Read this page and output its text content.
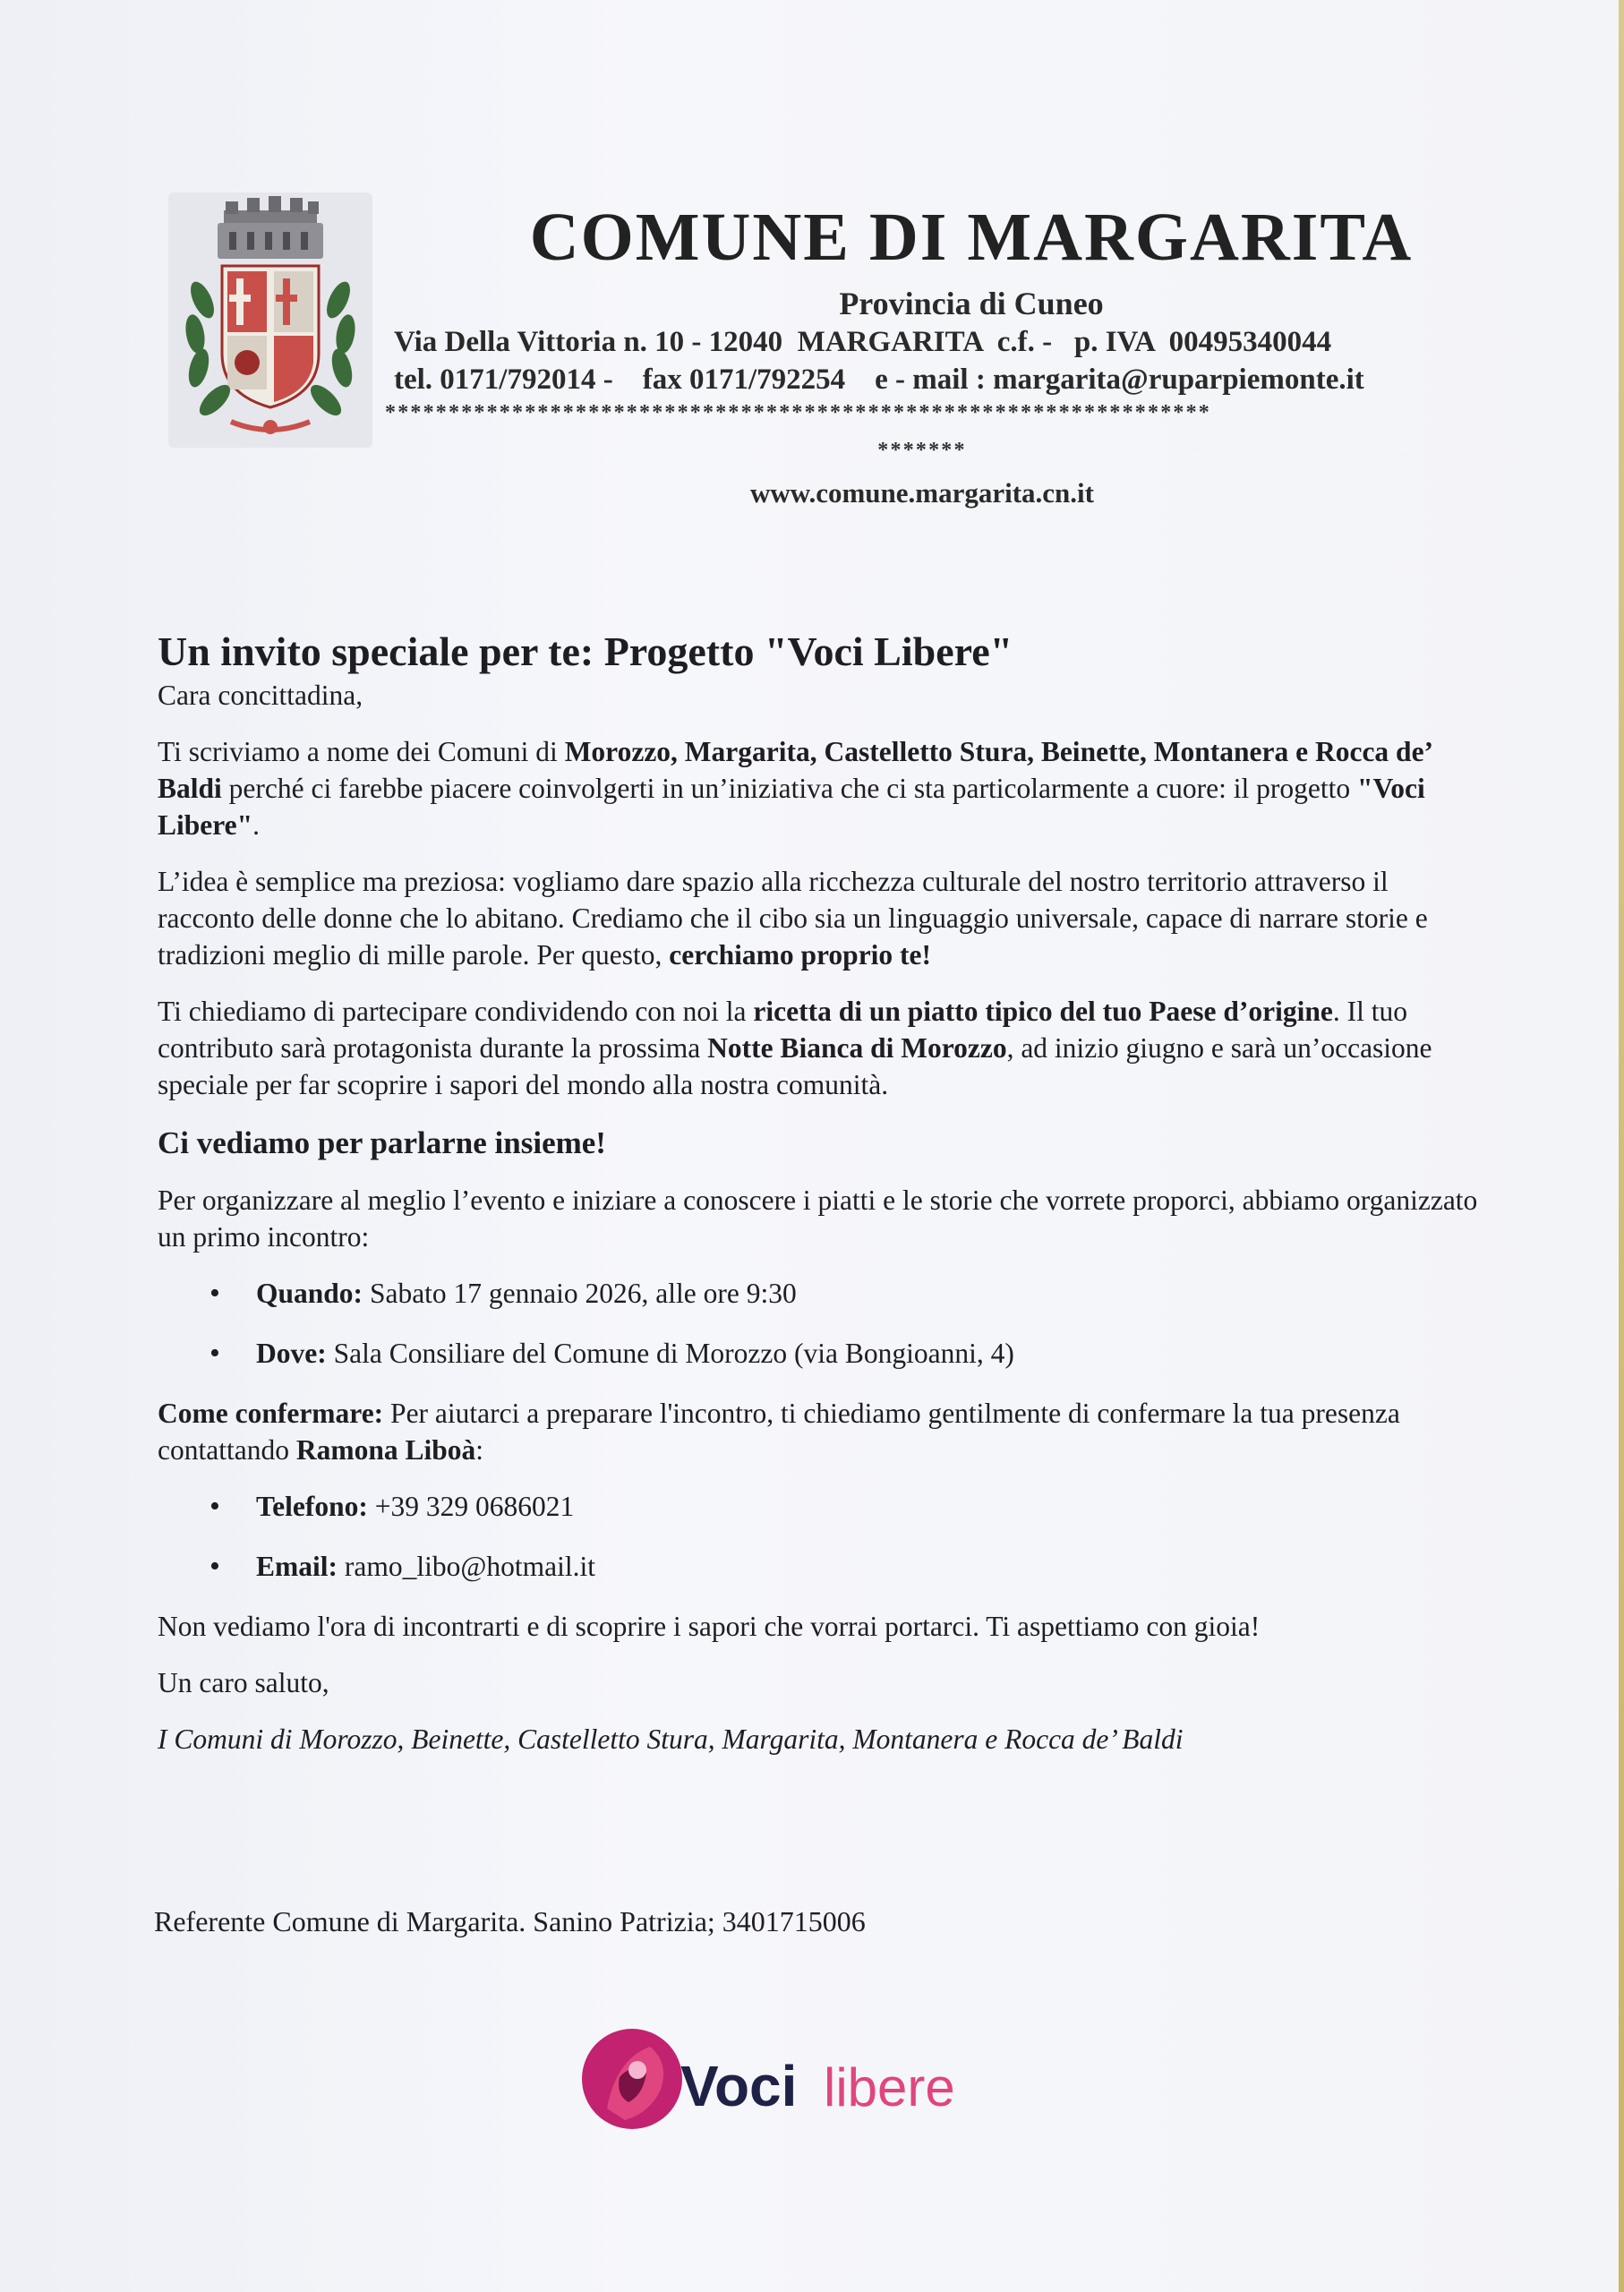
COMUNE DI MARGARITA
Provincia di Cuneo
Via Della Vittoria n. 10 - 12040  MARGARITA  c.f. -   p. IVA  00495340044
tel. 0171/792014 -    fax 0171/792254    e - mail : margarita@ruparpiemonte.it
*****************************************************************
*******
www.comune.margarita.cn.it

Un invito speciale per te: Progetto "Voci Libere"

Cara concittadina,

Ti scriviamo a nome dei Comuni di Morozzo, Margarita, Castelletto Stura, Beinette, Montanera e Rocca de’ Baldi perché ci farebbe piacere coinvolgerti in un’iniziativa che ci sta particolarmente a cuore: il progetto "Voci Libere".

L’idea è semplice ma preziosa: vogliamo dare spazio alla ricchezza culturale del nostro territorio attraverso il racconto delle donne che lo abitano. Crediamo che il cibo sia un linguaggio universale, capace di narrare storie e tradizioni meglio di mille parole. Per questo, cerchiamo proprio te!

Ti chiediamo di partecipare condividendo con noi la ricetta di un piatto tipico del tuo Paese d’origine. Il tuo contributo sarà protagonista durante la prossima Notte Bianca di Morozzo, ad inizio giugno e sarà un’occasione speciale per far scoprire i sapori del mondo alla nostra comunità.

Ci vediamo per parlarne insieme!

Per organizzare al meglio l’evento e iniziare a conoscere i piatti e le storie che vorrete proporci, abbiamo organizzato un primo incontro:

• Quando: Sabato 17 gennaio 2026, alle ore 9:30
• Dove: Sala Consiliare del Comune di Morozzo (via Bongioanni, 4)

Come confermare: Per aiutarci a preparare l'incontro, ti chiediamo gentilmente di confermare la tua presenza contattando Ramona Liboà:

• Telefono: +39 329 0686021
• Email: ramo_libo@hotmail.it

Non vediamo l'ora di incontrarti e di scoprire i sapori che vorrai portarci. Ti aspettiamo con gioia!

Un caro saluto,

I Comuni di Morozzo, Beinette, Castelletto Stura, Margarita, Montanera e Rocca de’ Baldi

Referente Comune di Margarita. Sanino Patrizia; 3401715006
Voci libere
